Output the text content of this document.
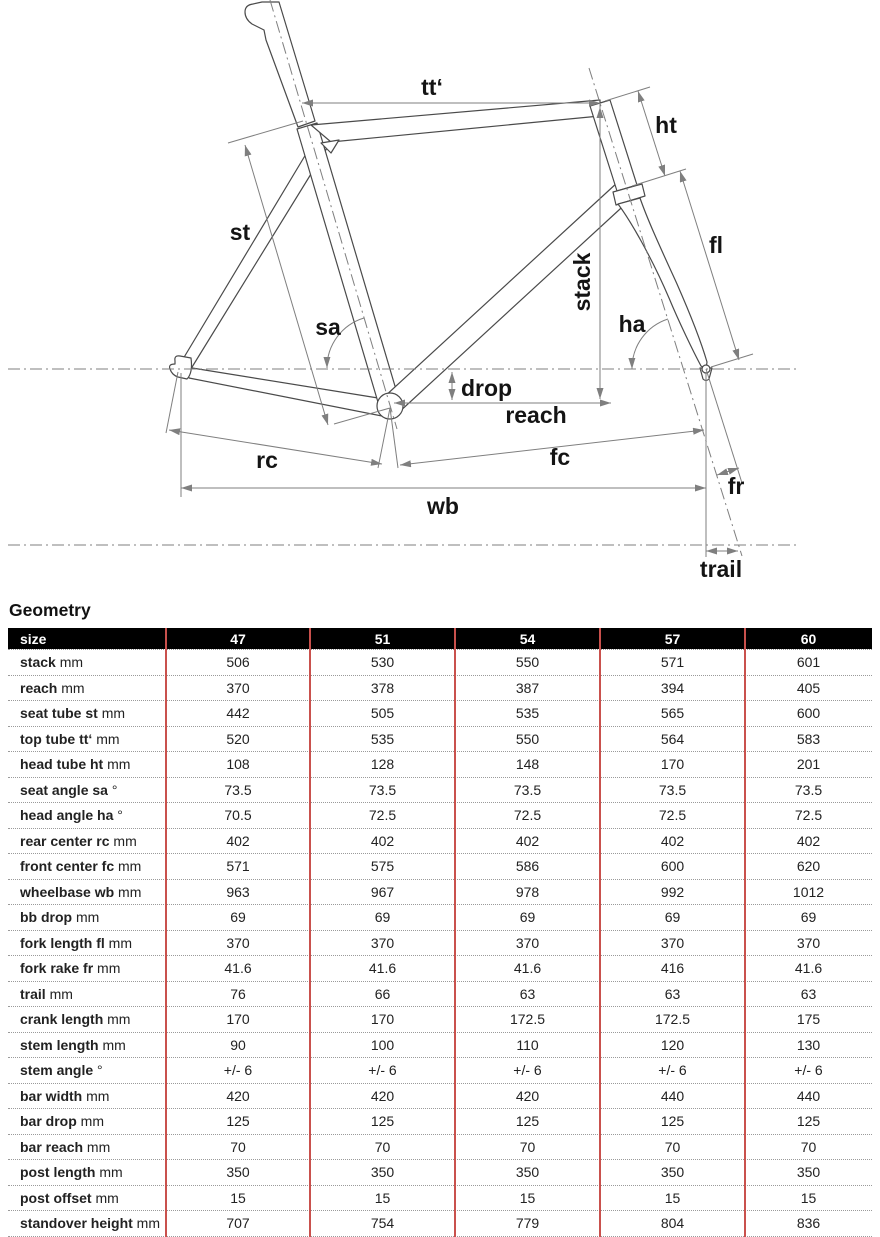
tt‘
ht
st
stack
fl
sa	ha
drop
reach
rc	fc
fr
wb
trail
Geometry
size	47	51	54	57	60
stack mm	506	530	550	571	601
reach mm	370	378	387	394	405
seat tube st mm	442	505	535	565	600
top tube tt‘ mm	520	535	550	564	583
head tube ht mm	108	128	148	170	201
seat angle sa °	73.5	73.5	73.5	73.5	73.5
head angle ha °	70.5	72.5	72.5	72.5	72.5
rear center rc mm	402	402	402	402	402
front center fc mm	571	575	586	600	620
wheelbase wb mm	963	967	978	992	1012
bb drop mm	69	69	69	69	69
fork length fl mm	370	370	370	370	370
fork rake fr mm	41.6	41.6	41.6	416	41.6
trail mm	76	66	63	63	63
crank length mm	170	170	172.5	172.5	175
stem length mm	90	100	110	120	130
stem angle °	+/- 6	+/- 6	+/- 6	+/- 6	+/- 6
bar width mm	420	420	420	440	440
bar drop mm	125	125	125	125	125
bar reach mm	70	70	70	70	70
post length mm	350	350	350	350	350
post offset mm	15	15	15	15	15
standover height mm	707	754	779	804	836
